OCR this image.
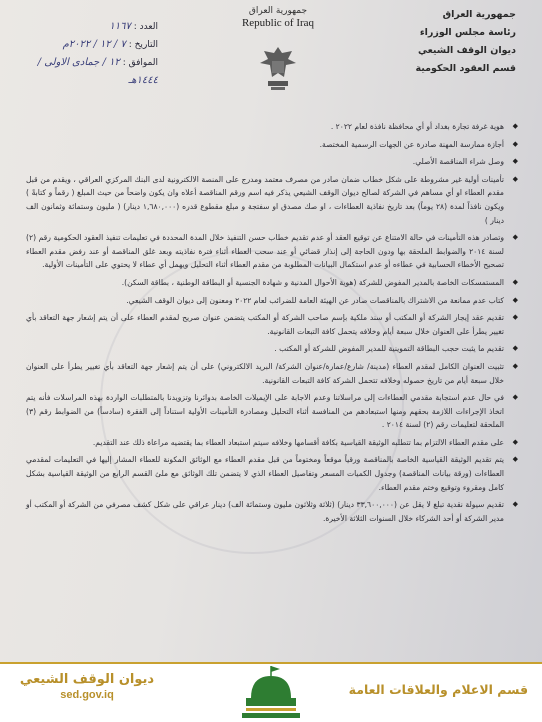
جمهورية العراق
رئاسة مجلس الوزراء
ديوان الوقف الشيعي
قسم العقود الحكومية
جمهورية العراق
Republic of Iraq
العدد : ١١٦٧
التاريخ : ٧ / ١٢ / ٢٠٢٢م
الموافق : ١٢ / جمادى الاولى / ١٤٤٤هـ

◆ هوية غرفة تجارة بغداد أو أي محافظة نافذة لعام ٢٠٢٢ .

◆ أجازة ممارسة المهنة صادرة عن الجهات الرسمية المختصة.

◆ وصل شراء المناقصة الأصلي.

◆ تأمينات أولية غير مشروطة على شكل خطاب ضمان صادر من مصرف معتمد ومدرج على المنصة الالكترونية لدى البنك المركزي العراقي ، ويقدم من قبل مقدم العطاء او أي مساهم في الشركة لصالح ديوان الوقف الشيعي يذكر فيه اسم ورقم المناقصة أعلاه وان يكون واضحاً من حيث المبلغ ( رقماً و كتابةً ) ويكون نافذاً لمدة (٢٨ يوماً) بعد تاريخ نفاذية العطاءات ، او صك مصدق او سفتجة و مبلغ مقطوع قدره (١,٦٨٠,٠٠٠ دينار) ( مليون وستمائة وثمانون الف دينار )

◆ وتصادر هذه التأمينات في حالة الامتناع عن توقيع العقد أو عدم تقديم خطاب حسن التنفيذ خلال المدة المحددة في تعليمات تنفيذ العقود الحكومية رقم (٢) لسنة ٢٠١٤ والضوابط الملحقة بها ودون الحاجة إلى إنذار قضائي أو عند سحب العطاء أثناء فترة نفاذيته وبعد غلق المناقصة أو عند رفض مقدم العطاء تصحيح الأخطاء الحسابية في عطاءه أو عدم استكمال البيانات المطلوبة من مقدم العطاء أثناء التحليل ويهمل أي عطاء لا يحتوي على التأمينات الأولية.

◆ المستمسكات الخاصة بالمدير المفوض للشركة (هوية الأحوال المدنية و شهادة الجنسية أو البطاقة الوطنية ، بطاقة السكن).

◆ كتاب عدم ممانعة من الاشتراك بالمناقصات صادر عن الهيئة العامة للضرائب لعام ٢٠٢٢ ومعنون إلى ديوان الوقف الشيعي.

◆ تقديم عقد إيجار الشركة أو المكتب أو سند ملكية بإسم صاحب الشركة أو المكتب يتضمن عنوان صريح لمقدم العطاء على أن يتم إشعار جهة التعاقد بأي تغيير يطرأ على العنوان خلال سبعة أيام وخلافه يتحمل كافة التبعات القانونية.

◆ تقديم ما يثبت حجب البطاقة التموينية للمدير المفوض للشركة أو المكتب .

◆ تثبيت العنوان الكامل لمقدم العطاء (مدينة/ شارع/عمارة/عنوان الشركة/ البريد الالكتروني) على أن يتم إشعار جهة التعاقد بأي تغيير يطرأ على العنوان خلال سبعة أيام من تاريخ حصوله وخلافه تتحمل الشركة كافة التبعات القانونية.

◆ في حال عدم استجابة مقدمي العطاءات إلى مراسلاتنا وعدم الاجابة على الإيميلات الخاصة بدوائرنا وتزويدنا بالمتطلبات الواردة بهذه المراسلات فأنه يتم اتخاذ الإجراءات اللازمة بحقهم ومنها استبعادهم من المنافسة أثناء التحليل ومصادرة التأمينات الأولية استناداً إلى الفقرة (سادساً) من الضوابط رقم (٣) الملحقة لتعليمات رقم (٢) لسنة ٢٠١٤ .

◆ على مقدم العطاء الالتزام بما تتطلبه الوثيقة القياسية بكافة أقسامها وخلافه سيتم استبعاد العطاء بما يقتضيه مراعاة ذلك عند التقديم.

◆ يتم تقديم الوثيقة القياسية الخاصة بالمناقصة ورقياً موقعاً ومختوماً من قبل مقدم العطاء مع الوثائق المكونة للعطاء المشار إليها في التعليمات لمقدمي العطاءات (ورقة بيانات المناقصة) وجدول الكميات المسعر وتفاصيل العطاء الذي لا يتضمن تلك الوثائق مع ملئ القسم الرابع من الوثيقة القياسية بشكل كامل ومقروء وتوقيع وختم مقدم العطاء.

◆ تقديم سيولة نقدية تبلغ لا يقل عن (٣٣,٦٠٠,٠٠٠ دينار) (ثلاثة وثلاثون مليون وستمائة الف) دينار عراقي على شكل كشف مصرفي من الشركة أو المكتب أو مدير الشركة أو أحد الشركاء خلال السنوات الثلاثة الأخيرة.

ديوان الوقف الشيعي
sed.gov.iq	قسم الاعلام والعلاقات العامة
